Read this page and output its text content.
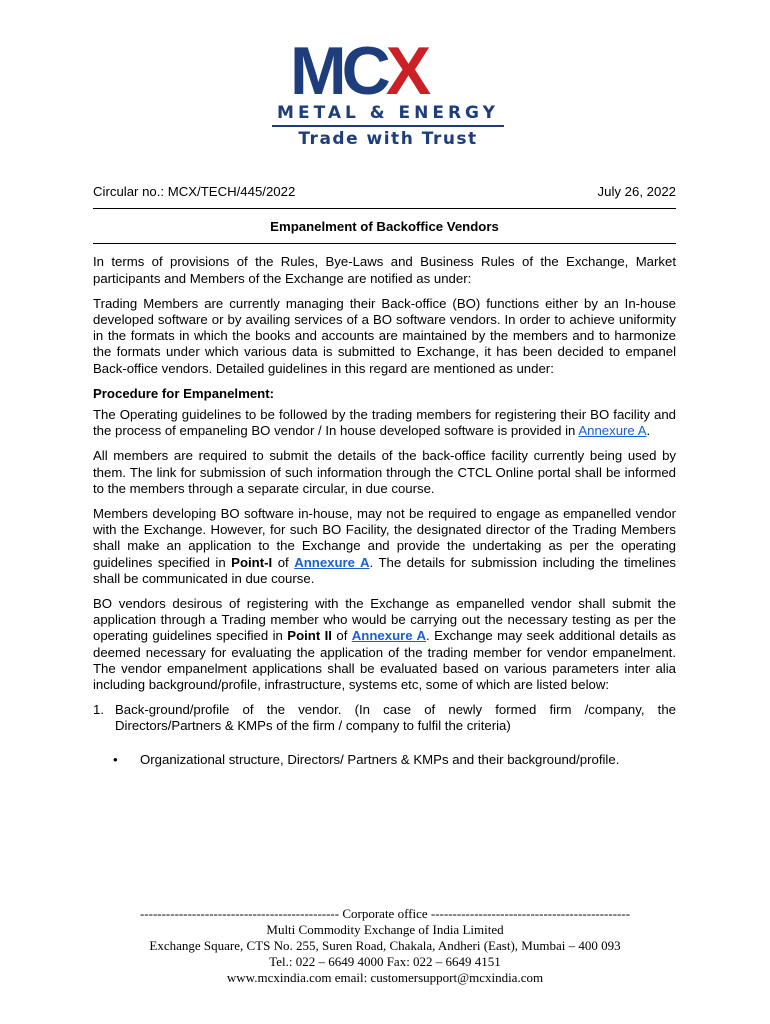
MCX
METAL & ENERGY
Trade with Trust
Circular no.: MCX/TECH/445/2022	July 26, 2022
Empanelment of Backoffice Vendors

In terms of provisions of the Rules, Bye-Laws and Business Rules of the Exchange, Market participants and Members of the Exchange are notified as under:

Trading Members are currently managing their Back-office (BO) functions either by an In-house developed software or by availing services of a BO software vendors. In order to achieve uniformity in the formats in which the books and accounts are maintained by the members and to harmonize the formats under which various data is submitted to Exchange, it has been decided to empanel Back-office vendors. Detailed guidelines in this regard are mentioned as under:

Procedure for Empanelment:

The Operating guidelines to be followed by the trading members for registering their BO facility and the process of empaneling BO vendor / In house developed software is provided in Annexure A.

All members are required to submit the details of the back-office facility currently being used by them. The link for submission of such information through the CTCL Online portal shall be informed to the members through a separate circular, in due course.

Members developing BO software in-house, may not be required to engage as empanelled vendor with the Exchange. However, for such BO Facility, the designated director of the Trading Members shall make an application to the Exchange and provide the undertaking as per the operating guidelines specified in Point-I of Annexure A. The details for submission including the timelines shall be communicated in due course.

BO vendors desirous of registering with the Exchange as empanelled vendor shall submit the application through a Trading member who would be carrying out the necessary testing as per the operating guidelines specified in Point II of Annexure A. Exchange may seek additional details as deemed necessary for evaluating the application of the trading member for vendor empanelment. The vendor empanelment applications shall be evaluated based on various parameters inter alia including background/profile, infrastructure, systems etc, some of which are listed below:

1. Back-ground/profile of the vendor. (In case of newly formed firm /company, the Directors/Partners & KMPs of the firm / company to fulfil the criteria)
•	Organizational structure, Directors/ Partners & KMPs and their background/profile.
---------------------------------------------- Corporate office ----------------------------------------------
Multi Commodity Exchange of India Limited
Exchange Square, CTS No. 255, Suren Road, Chakala, Andheri (East), Mumbai – 400 093
Tel.: 022 – 6649 4000 Fax: 022 – 6649 4151
www.mcxindia.com email: customersupport@mcxindia.com
